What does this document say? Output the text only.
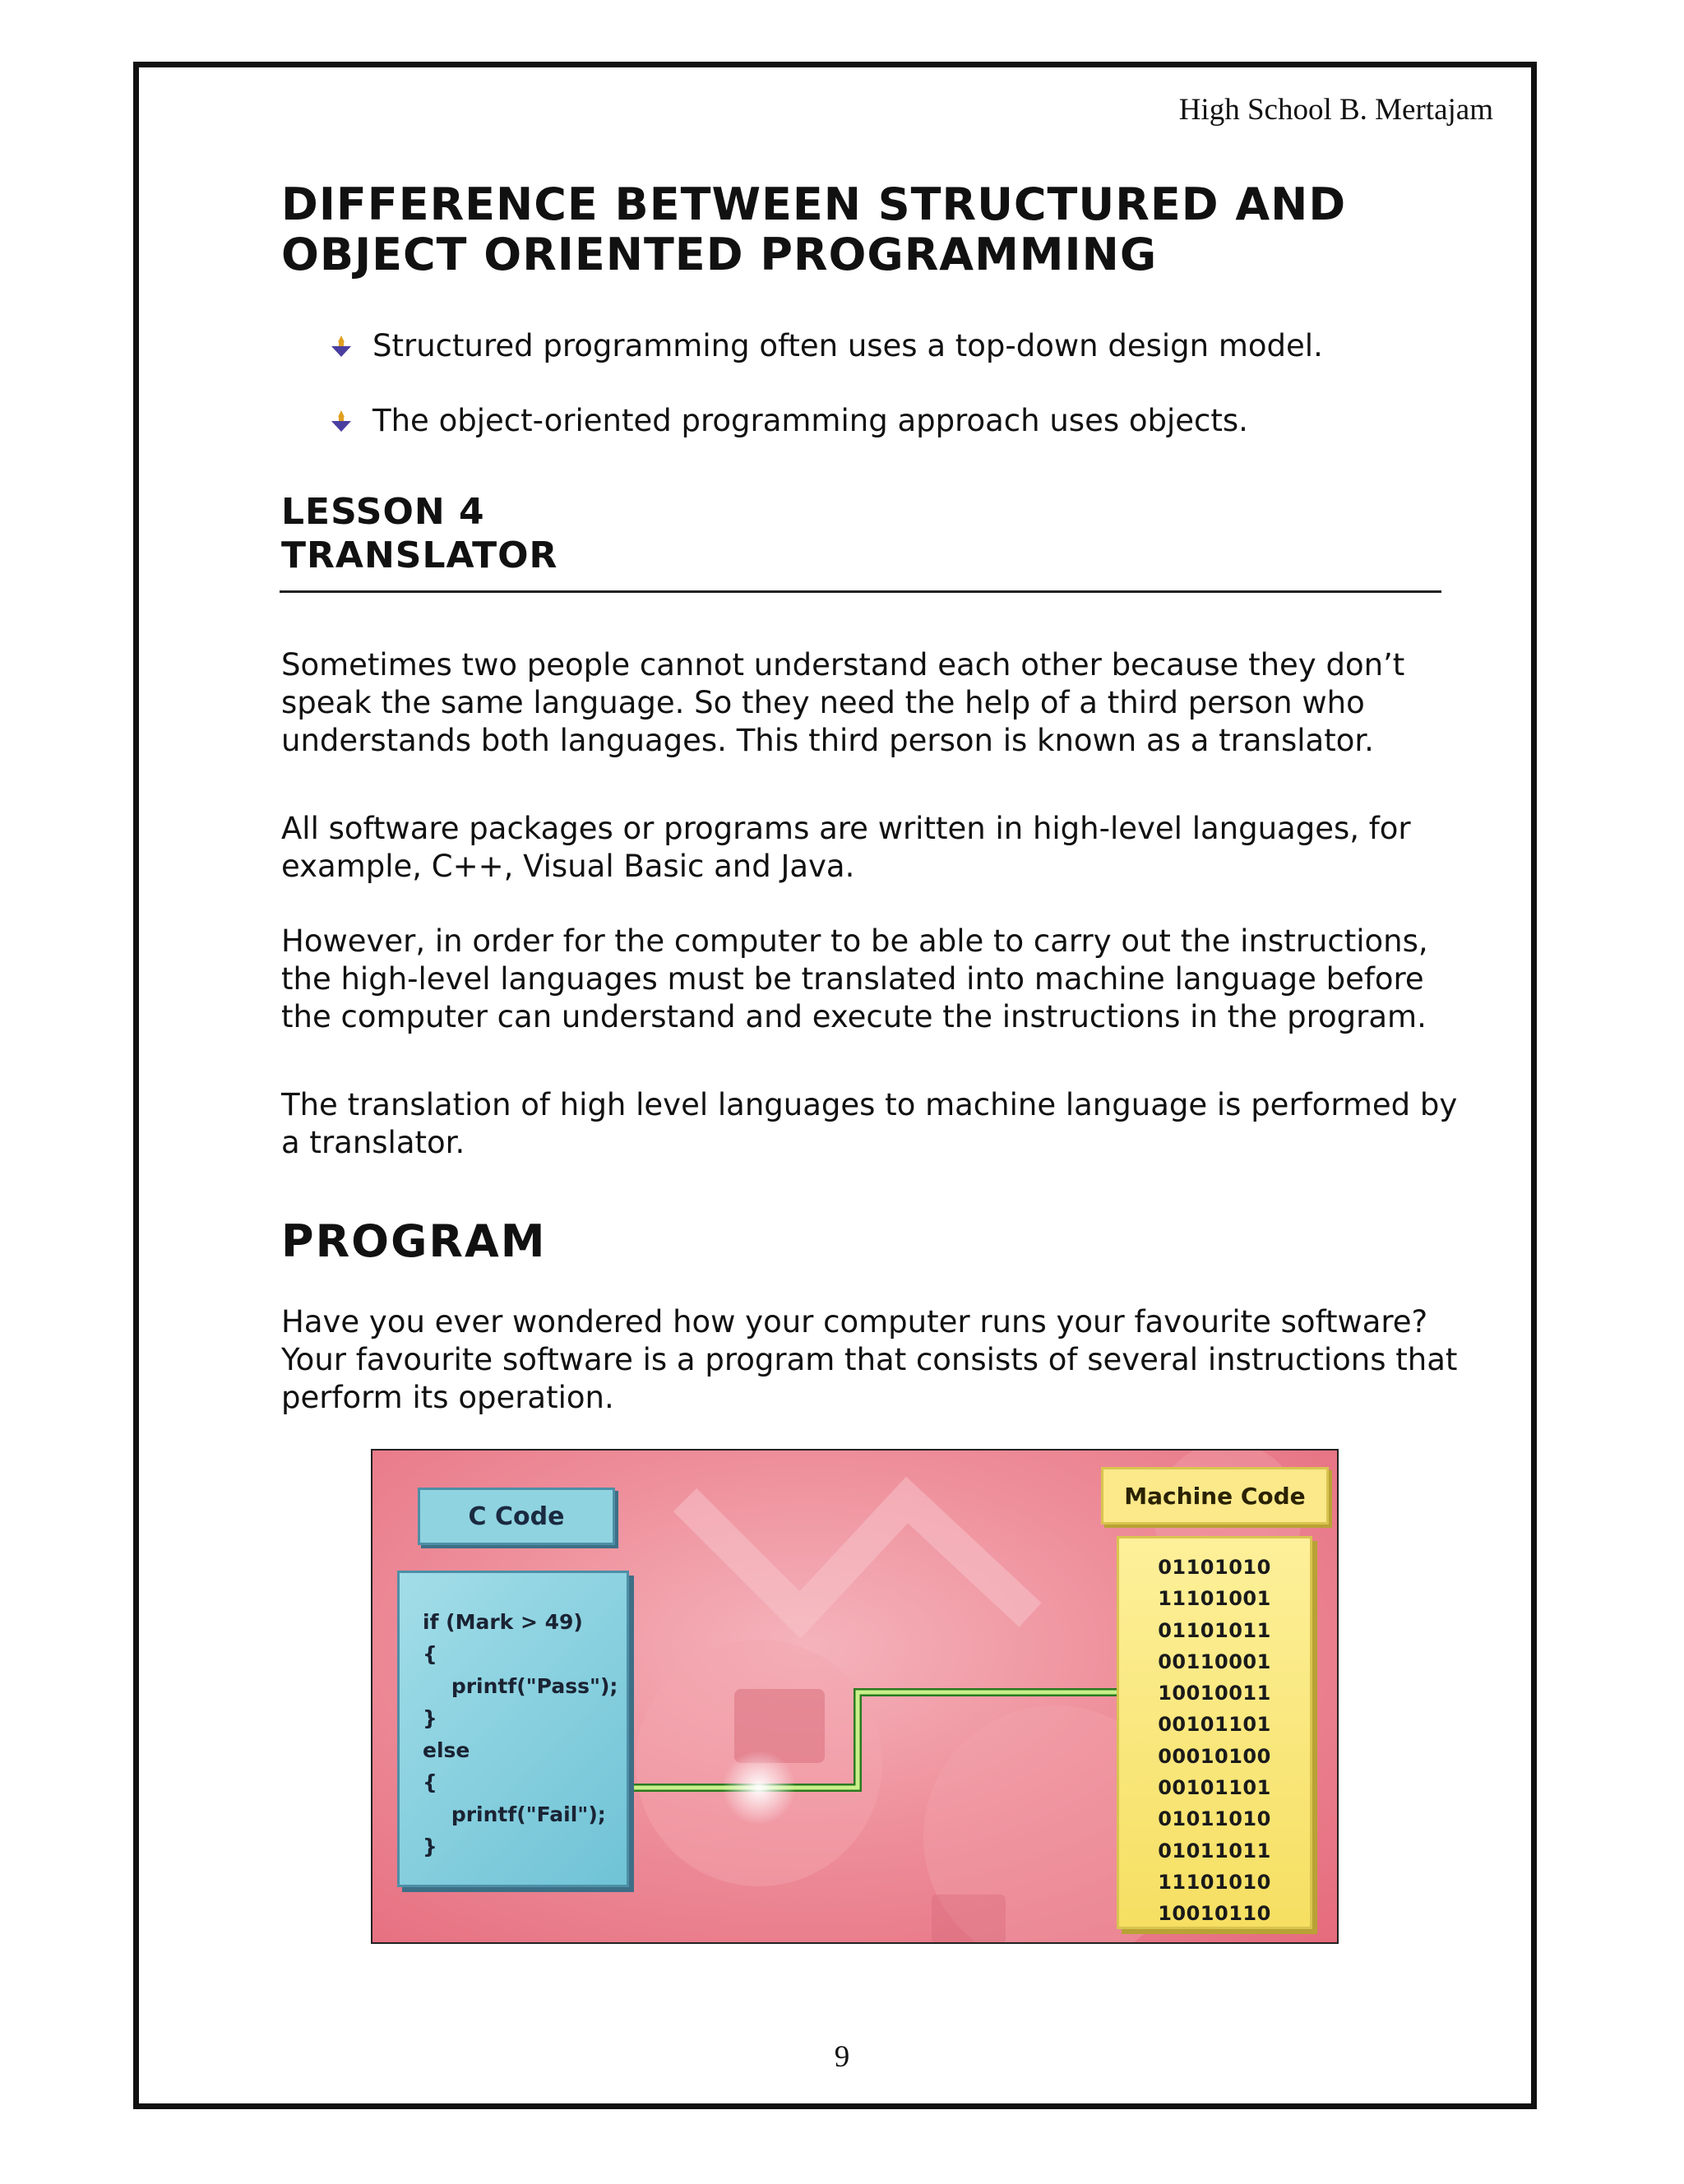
High School B. Mertajam
DIFFERENCE BETWEEN STRUCTURED AND
OBJECT ORIENTED PROGRAMMING
Structured programming often uses a top-down design model.
The object-oriented programming approach uses objects.
LESSON 4
TRANSLATOR

Sometimes two people cannot understand each other because they don’t speak the same language. So they need the help of a third person who understands both languages. This third person is known as a translator.

All software packages or programs are written in high-level languages, for example, C++, Visual Basic and Java.

However, in order for the computer to be able to carry out the instructions, the high-level languages must be translated into machine language before the computer can understand and execute the instructions in the program.

The translation of high level languages to machine language is performed by a translator.

PROGRAM

Have you ever wondered how your computer runs your favourite software? Your favourite software is a program that consists of several instructions that perform its operation.

C Code
if (Mark > 49)
{
printf("Pass");
}
else
{
printf("Fail");
}
Machine Code
01101010
11101001
01101011
00110001
10010011
00101101
00010100
00101101
01011010
01011011
11101010
10010110
9
